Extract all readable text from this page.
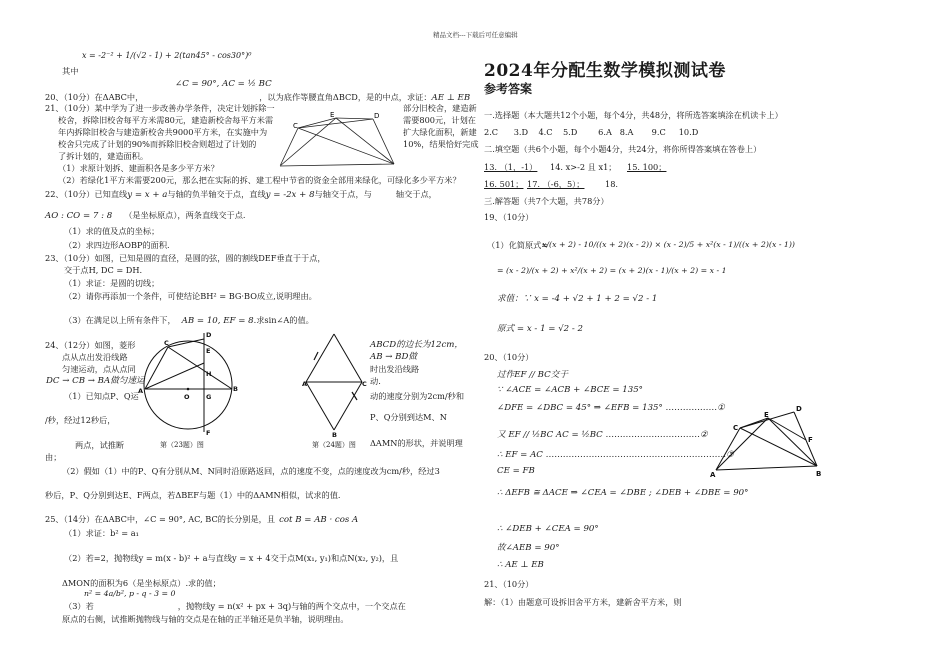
精品文档---下载后可任意编辑
x = -2⁻² + 1/(√2 - 1) + 2(tan45° - cos30°)⁰
其中
∠C = 90°, AC = ½ BC
20、（10分）在ΔABC中，	，以为底作等腰直角ΔBCD，是的中点，求证：AE ⊥ EB
21、（10分）某中学为了进一步改善办学条件，决定计划拆除一
校舍，拆除旧校舍每平方米需80元，建造新校舍每平方米需
年内拆除旧校舍与建造新校舍共9000平方米，在实施中为
校舍只完成了计划的90%而拆除旧校舍则超过了计划的
了拆计划的，建造面积。
（1）求原计划拆、建面积各是多少平方米？
（2）若绿化1平方米需要200元，那么把在实际的拆、建工程中节省的资金全部用来绿化，可绿化多少平方米？
部分旧校舍，建造新
需要800元，计划在
扩大绿化面积，新建
10%，结果恰好完成
C
E	D
A
22、（10分）已知直线y = x + a与轴的负半轴交于点，直线y = -2x + 8与轴交于点，与	轴交于点，
AO : CO = 7 : 8 （是坐标原点），两条直线交于点.
（1）求的值及点的坐标；
（2）求四边形AOBP的面积.
23、（10分）如图，已知是圆的直径，是圆的弦，圆的割线DEF垂直于于点，
交于点H, DC = DH.
（1）求证：是圆的切线；
（2）请你再添加一个条件，可使结论BH² = BG·BO成立,说明理由。
（3）在满足以上所有条件下， AB = 10, EF = 8.求sin∠A的值。
24、（12分）如图，菱形
点从点出发沿线路
匀速运动，点从点同
DC → CB → BA做匀速运
（1）已知点P、Q运
/秒，经过12秒后，
两点，试推断
由；
A	B
C
D
E
F
G
H
O
第（23题）图
A	C
B
第（24题）图
ABCD的边长为12cm，
AB → BD做
时出发沿线路
动.
动的速度分别为2cm/秒和
P、Q分别到达M、N
ΔAMN的形状，并说明理
（2）假如（1）中的P、Q有分别从M、N同时沿原路返回，点的速度不变，点的速度改为cm/秒，经过3
秒后，P、Q分别到达E、F两点，若ΔBEF与题（1）中的ΔAMN相似，试求的值.
25、（14分）在ΔABC中，∠C = 90°, AC, BC的长分别是，且 cot B = AB · cos A
（1）求证：b² = a₁
（2）若=2，抛物线y = m(x - b)² + a与直线y = x + 4交于点M(x₁, y₁)和点N(x₂, y₂)，且
ΔMON的面积为6（是坐标原点）.求的值；
n² = 4a/b², p - q - 3 = 0
（3）若	，抛物线y = n(x² + px + 3q)与轴的两个交点中，一个交点在
原点的右侧，试推断抛物线与轴的交点是在轴的正半轴还是负半轴，说明理由。
2024年分配生数学模拟测试卷
参考答案
一.选择题（本大题共12个小题，每个4分，共48分，将所选答案填涂在机读卡上）
2.C      3.D    4.C    5.D        6.A   8.A       9.C     10.D
二.填空题（共6个小题，每个小题4分，共24分，将你所得答案填在答卷上）
13. （1，-1） 14. x>-2 且 x1； 15. 100；
16. 501； 17. （-6，5）；	18.
三.解答题（共7个大题，共78分）
19、（10分）
（1）化简原式=
x/(x + 2) - 10/((x + 2)(x - 2)) × (x - 2)/5 + x²(x - 1)/((x + 2)(x - 1))
= (x - 2)/(x + 2) + x²/(x + 2) = (x + 2)(x - 1)/(x + 2) = x - 1
求值：∵ x = -4 + √2 + 1 + 2 = √2 - 1
原式 = x - 1 = √2 - 2
20、（10分）
过作EF // BC交于
∵ ∠ACE = ∠ACB + ∠BCE = 135°
∠DFE = ∠DBC = 45° ⇒ ∠EFB = 135° ………………①
又 EF // ½BC AC = ½BC ……………………………②
∴ EF = AC ………………………………………………………③
CE = FB
∴ ΔEFB ≅ ΔACE ⇒ ∠CEA = ∠DBE ; ∠DEB + ∠DBE = 90°
∴ ∠DEB + ∠CEA = 90°
故∠AEB = 90°
∴ AE ⊥ EB
A	B
C
D
E
F
21、（10分）
解：（1）由题意可设拆旧舍平方米，建新舍平方米，则
